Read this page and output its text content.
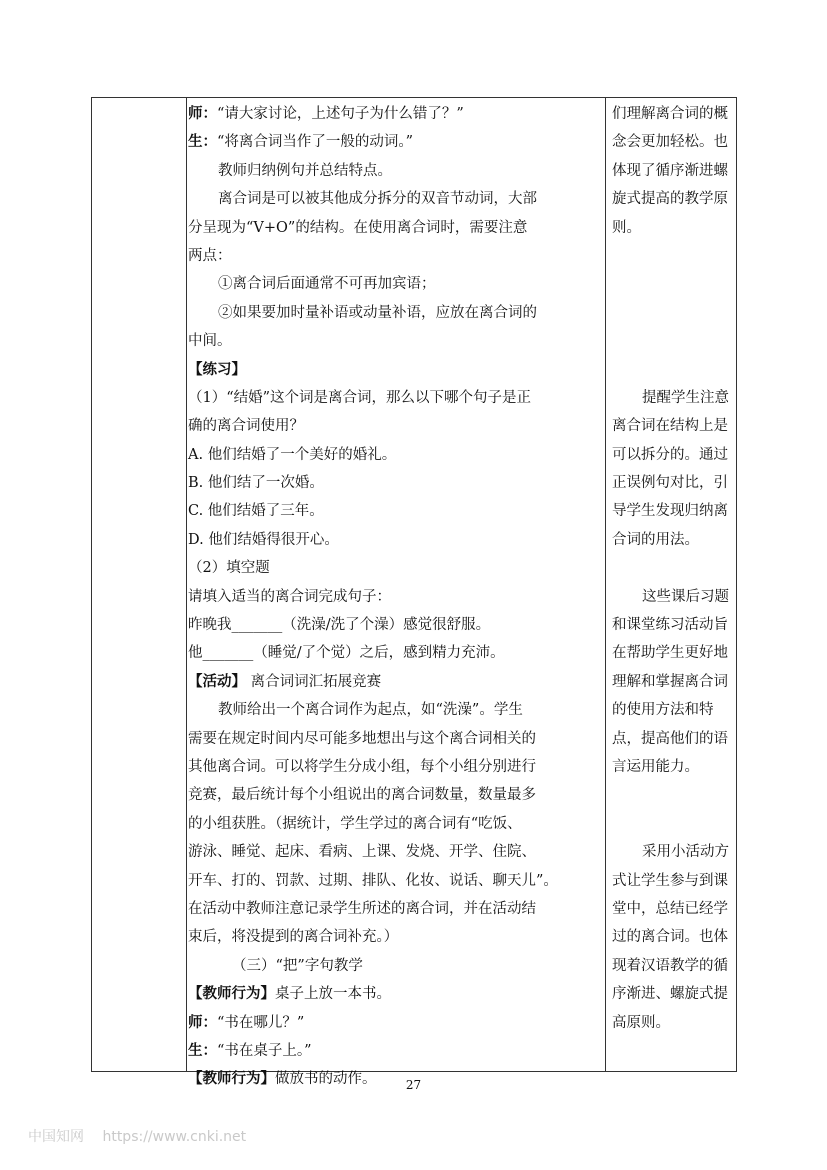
师：“请大家讨论，上述句子为什么错了？”
生：“将离合词当作了一般的动词。”
教师归纳例句并总结特点。
离合词是可以被其他成分拆分的双音节动词，大部
分呈现为“V+O”的结构。在使用离合词时，需要注意
两点：
①离合词后面通常不可再加宾语；
②如果要加时量补语或动量补语，应放在离合词的
中间。
【练习】
（1）“结婚”这个词是离合词，那么以下哪个句子是正
确的离合词使用？
A. 他们结婚了一个美好的婚礼。
B. 他们结了一次婚。
C. 他们结婚了三年。
D. 他们结婚得很开心。
（2）填空题
请填入适当的离合词完成句子：
昨晚我_______（洗澡/洗了个澡）感觉很舒服。
他_______（睡觉/了个觉）之后，感到精力充沛。
【活动】 离合词词汇拓展竞赛
教师给出一个离合词作为起点，如“洗澡”。学生
需要在规定时间内尽可能多地想出与这个离合词相关的
其他离合词。可以将学生分成小组，每个小组分别进行
竞赛，最后统计每个小组说出的离合词数量，数量最多
的小组获胜。（据统计，学生学过的离合词有“吃饭、
游泳、睡觉、起床、看病、上课、发烧、开学、住院、
开车、打的、罚款、过期、排队、化妆、说话、聊天儿”。
在活动中教师注意记录学生所述的离合词，并在活动结
束后，将没提到的离合词补充。）
（三）“把”字句教学
【教师行为】桌子上放一本书。
师：“书在哪儿？”
生：“书在桌子上。”
【教师行为】做放书的动作。
们理解离合词的概
念会更加轻松。也
体现了循序渐进螺
旋式提高的教学原
则。
提醒学生注意
离合词在结构上是
可以拆分的。通过
正误例句对比，引
导学生发现归纳离
合词的用法。
这些课后习题
和课堂练习活动旨
在帮助学生更好地
理解和掌握离合词
的使用方法和特
点，提高他们的语
言运用能力。
采用小活动方
式让学生参与到课
堂中，总结已经学
过的离合词。也体
现着汉语教学的循
序渐进、螺旋式提
高原则。
27
中国知网 https://www.cnki.net
